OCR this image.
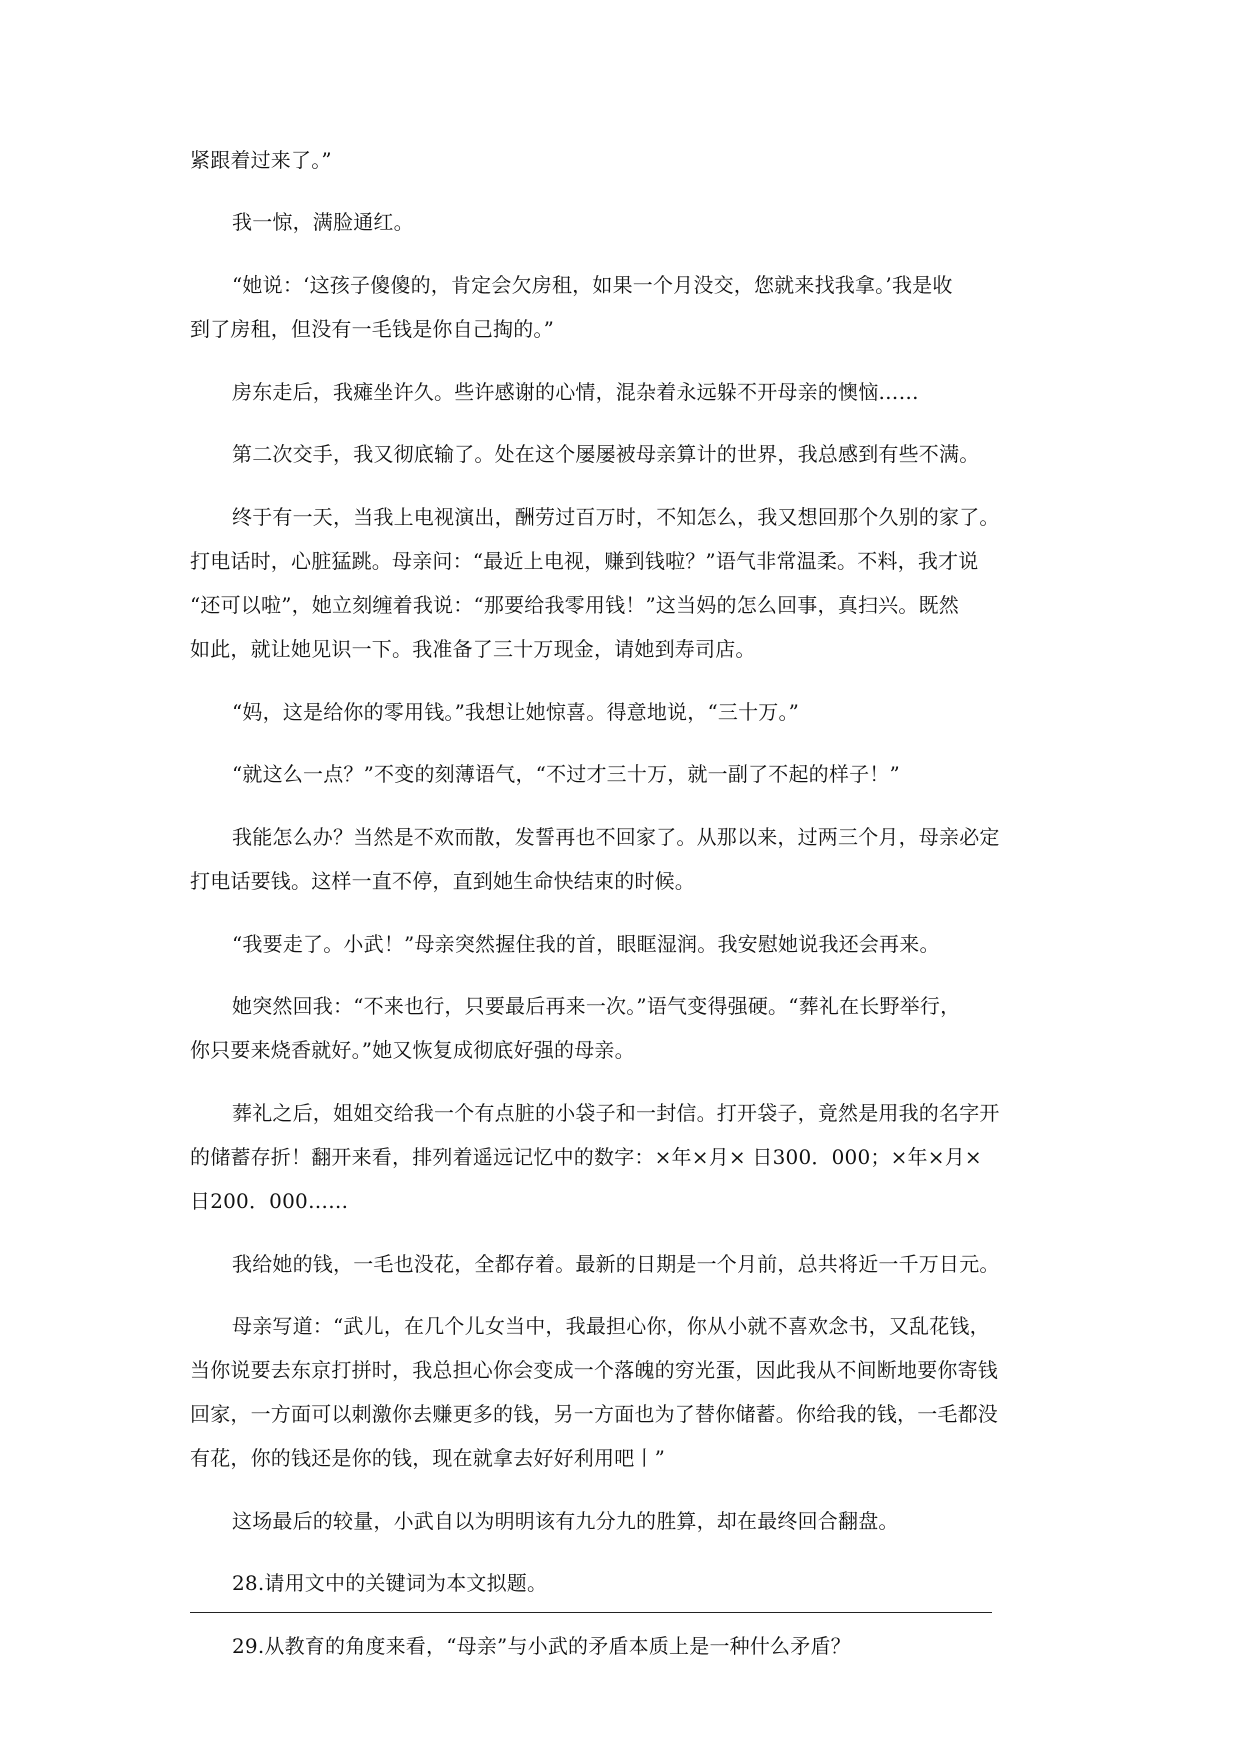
紧跟着过来了。”
我一惊，满脸通红。
“她说：‘这孩子傻傻的，肯定会欠房租，如果一个月没交，您就来找我拿。’我是收
到了房租，但没有一毛钱是你自己掏的。”
房东走后，我瘫坐许久。些许感谢的心情，混杂着永远躲不开母亲的懊恼……
第二次交手，我又彻底输了。处在这个屡屡被母亲算计的世界，我总感到有些不满。
终于有一天，当我上电视演出，酬劳过百万时，不知怎么，我又想回那个久别的家了。
打电话时，心脏猛跳。母亲问：“最近上电视，赚到钱啦？”语气非常温柔。不料，我才说
“还可以啦”，她立刻缠着我说：“那要给我零用钱！”这当妈的怎么回事，真扫兴。既然
如此，就让她见识一下。我准备了三十万现金，请她到寿司店。
“妈，这是给你的零用钱。”我想让她惊喜。得意地说，“三十万。”
“就这么一点？”不变的刻薄语气，“不过才三十万，就一副了不起的样子！”
我能怎么办？当然是不欢而散，发誓再也不回家了。从那以来，过两三个月，母亲必定
打电话要钱。这样一直不停，直到她生命快结束的时候。
“我要走了。小武！”母亲突然握住我的首，眼眶湿润。我安慰她说我还会再来。
她突然回我：“不来也行，只要最后再来一次。”语气变得强硬。“葬礼在长野举行，
你只要来烧香就好。”她又恢复成彻底好强的母亲。
葬礼之后，姐姐交给我一个有点脏的小袋子和一封信。打开袋子，竟然是用我的名字开
的储蓄存折！翻开来看，排列着遥远记忆中的数字：×年×月× 日300．000；×年×月×
日200．000……
我给她的钱，一毛也没花，全都存着。最新的日期是一个月前，总共将近一千万日元。
母亲写道：“武儿，在几个儿女当中，我最担心你，你从小就不喜欢念书，又乱花钱，
当你说要去东京打拼时，我总担心你会变成一个落魄的穷光蛋，因此我从不间断地要你寄钱
回家，一方面可以刺激你去赚更多的钱，另一方面也为了替你储蓄。你给我的钱，一毛都没
有花，你的钱还是你的钱，现在就拿去好好利用吧丨”
这场最后的较量，小武自以为明明该有九分九的胜算，却在最终回合翻盘。
28.请用文中的关键词为本文拟题。
29.从教育的角度来看，“母亲”与小武的矛盾本质上是一种什么矛盾？
